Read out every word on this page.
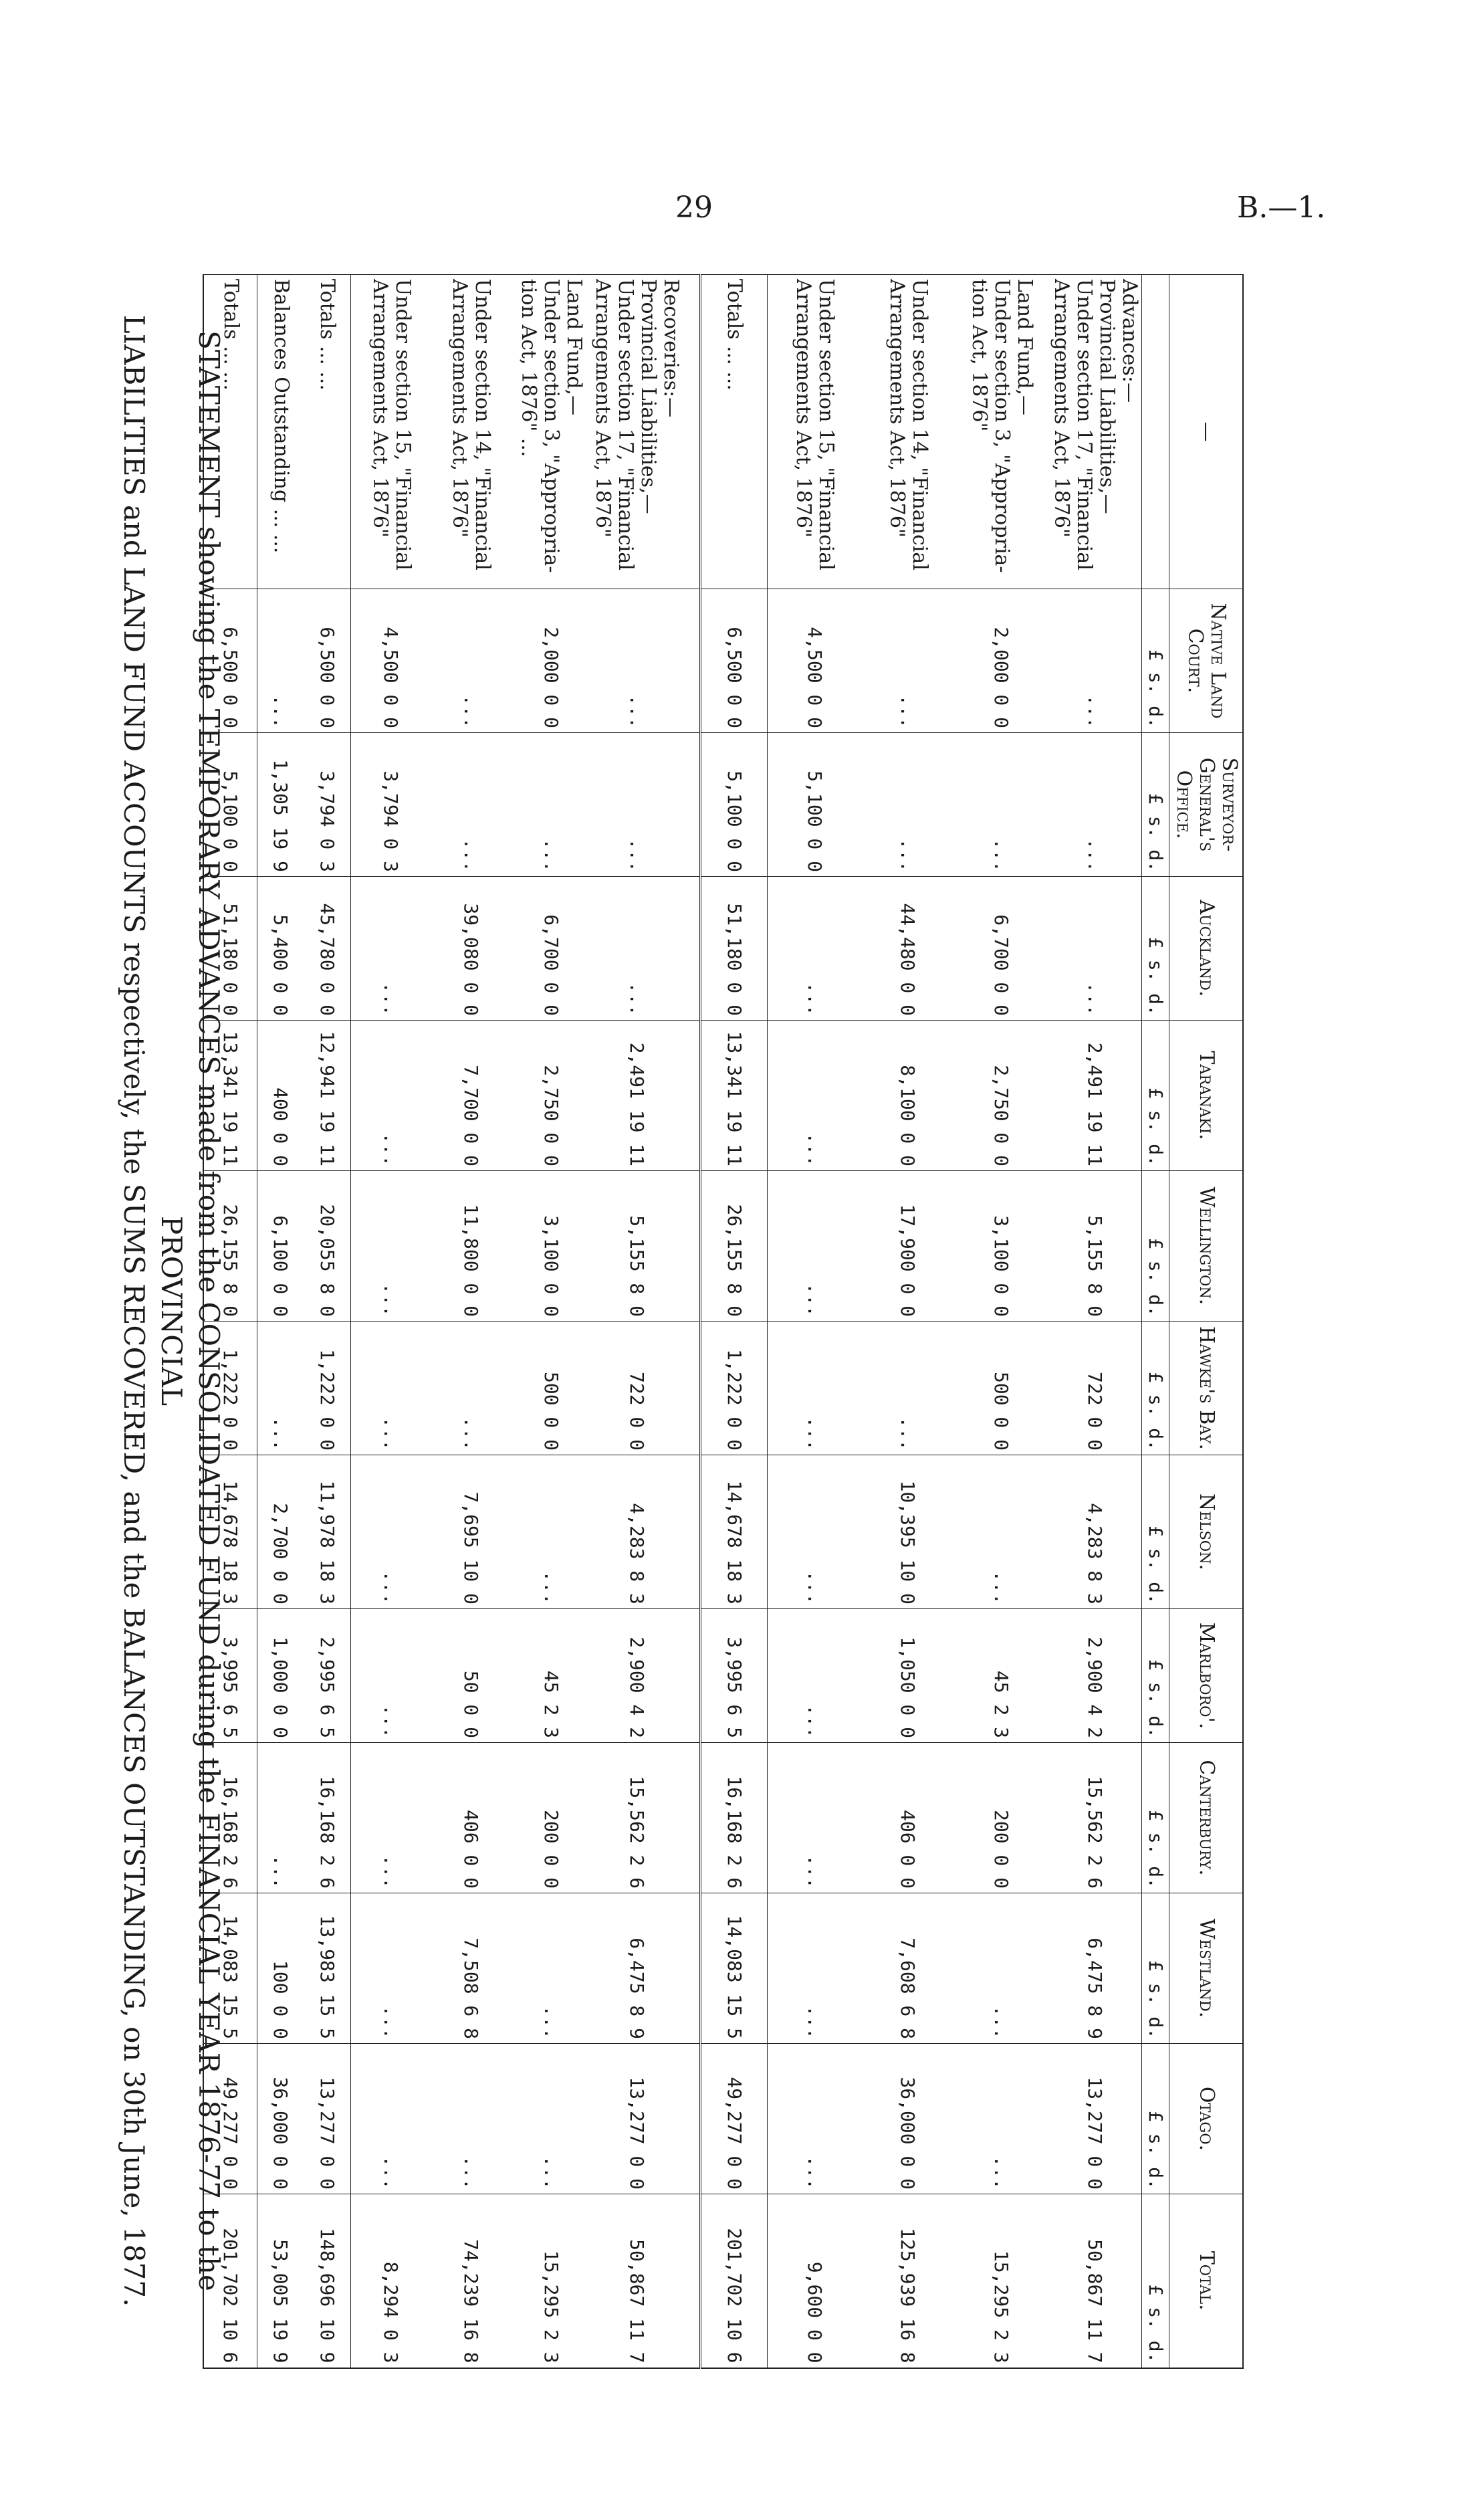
29	B.—1.
STATEMENT showing the TEMPORARY ADVANCES made from the CONSOLIDATED FUND during the FINANCIAL YEAR 1876-77 to the PROVINCIAL
LIABILITIES and LAND FUND ACCOUNTS respectively, the SUMS RECOVERED, and the BALANCES OUTSTANDING, on 30th June, 1877.	—	Native Land Court.	Surveyor-General's Office.	Auckland.	Taranaki.	Wellington.	Hawke's Bay.	Nelson.	Marlboro'.	Canterbury.	Westland.	Otago.	Total.
	£ s. d.	£ s. d.	£ s. d.	£ s. d.	£ s. d.	£ s. d.	£ s. d.	£ s. d.	£ s. d.	£ s. d.	£ s. d.	£ s. d.
Advances:—
Provincial Liabilities,—
Under section 17, "Financial
Arrangements Act, 1876"	...	...	...	2,491 19 11	5,155 8 0	722 0 0	4,283 8 3	2,900 4 2	15,562 2 6	6,475 8 9	13,277 0 0	50,867 11 7
Land Fund,—
Under section 3, "Appropria-
tion Act, 1876"	2,000 0 0	...	6,700 0 0	2,750 0 0	3,100 0 0	500 0 0	...	45 2 3	200 0 0	...	...	15,295 2 3
Under section 14, "Financial
Arrangements Act, 1876"	...	...	44,480 0 0	8,100 0 0	17,900 0 0	...	10,395 10 0	1,050 0 0	406 0 0	7,608 6 8	36,000 0 0	125,939 16 8
Under section 15, "Financial
Arrangements Act, 1876"	4,500 0 0	5,100 0 0	...	...	...	...	...	...	...	...	...	9,600 0 0
Totals ... ...	6,500 0 0	5,100 0 0	51,180 0 0	13,341 19 11	26,155 8 0	1,222 0 0	14,678 18 3	3,995 6 5	16,168 2 6	14,083 15 5	49,277 0 0	201,702 10 6

Recoveries:—
Provincial Liabilities,—
Under section 17, "Financial
Arrangements Act, 1876"	...	...	...	2,491 19 11	5,155 8 0	722 0 0	4,283 8 3	2,900 4 2	15,562 2 6	6,475 8 9	13,277 0 0	50,867 11 7
Land Fund,—
Under section 3, "Appropria-
tion Act, 1876" ...	2,000 0 0	...	6,700 0 0	2,750 0 0	3,100 0 0	500 0 0	...	45 2 3	200 0 0	...	...	15,295 2 3
Under section 14, "Financial
Arrangements Act, 1876"	...	...	39,080 0 0	7,700 0 0	11,800 0 0	...	7,695 10 0	50 0 0	406 0 0	7,508 6 8	...	74,239 16 8
Under section 15, "Financial
Arrangements Act, 1876"	4,500 0 0	3,794 0 3	...	...	...	...	...	...	...	...	...	8,294 0 3
Totals ... ...	6,500 0 0	3,794 0 3	45,780 0 0	12,941 19 11	20,055 8 0	1,222 0 0	11,978 18 3	2,995 6 5	16,168 2 6	13,983 15 5	13,277 0 0	148,696 10 9
Balances Outstanding ... ...	...	1,305 19 9	5,400 0 0	400 0 0	6,100 0 0	...	2,700 0 0	1,000 0 0	...	100 0 0	36,000 0 0	53,005 19 9
Totals ... ...	6,500 0 0	5,100 0 0	51,180 0 0	13,341 19 11	26,155 8 0	1,222 0 0	14,678 18 3	3,995 6 5	16,168 2 6	14,083 15 5	49,277 0 0	201,702 10 6
